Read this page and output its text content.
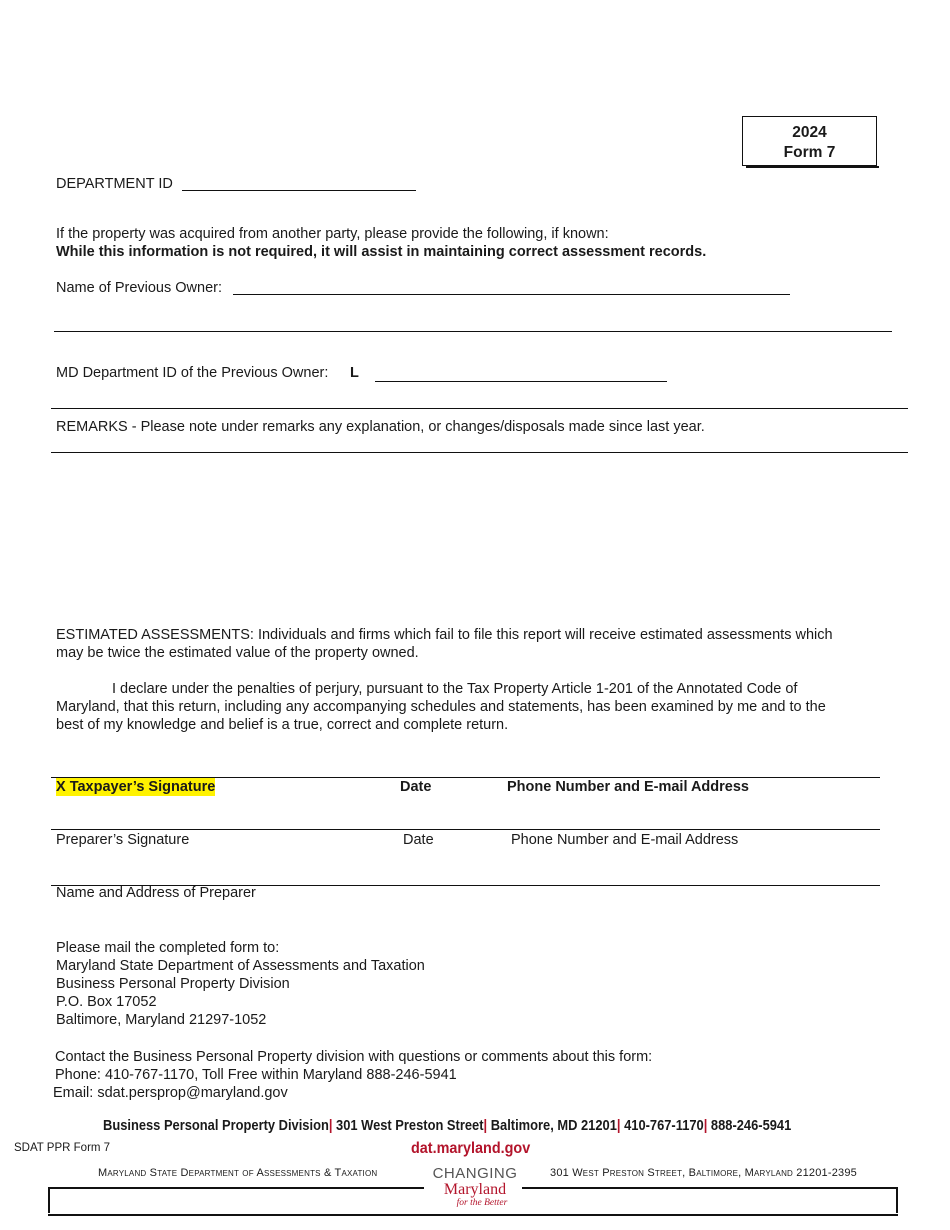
2024
Form 7
DEPARTMENT ID
If the property was acquired from another party, please provide the following, if known:
While this information is not required, it will assist in maintaining correct assessment records.
Name of Previous Owner:
MD Department ID of the Previous Owner: L
REMARKS - Please note under remarks any explanation, or changes/disposals made since last year.
ESTIMATED ASSESSMENTS: Individuals and firms which fail to file this report will receive estimated assessments which
may be twice the estimated value of the property owned.
I declare under the penalties of perjury, pursuant to the Tax Property Article 1-201 of the Annotated Code of
Maryland, that this return, including any accompanying schedules and statements, has been examined by me and to the
best of my knowledge and belief is a true, correct and complete return.
X Taxpayer’s Signature	Date	Phone Number and E-mail Address
Preparer’s Signature	Date	Phone Number and E-mail Address
Name and Address of Preparer
Please mail the completed form to:
Maryland State Department of Assessments and Taxation
Business Personal Property Division
P.O. Box 17052
Baltimore, Maryland 21297-1052
Contact the Business Personal Property division with questions or comments about this form:
Phone: 410-767-1170, Toll Free within Maryland 888-246-5941
Email: sdat.persprop@maryland.gov
Business Personal Property Division| 301 West Preston Street| Baltimore, MD 21201| 410-767-1170| 888-246-5941
SDAT PPR Form 7	dat.maryland.gov
Maryland State Department of Assessments & Taxation	301 West Preston Street, Baltimore, Maryland 21201-2395
CHANGING
Maryland
for the Better
